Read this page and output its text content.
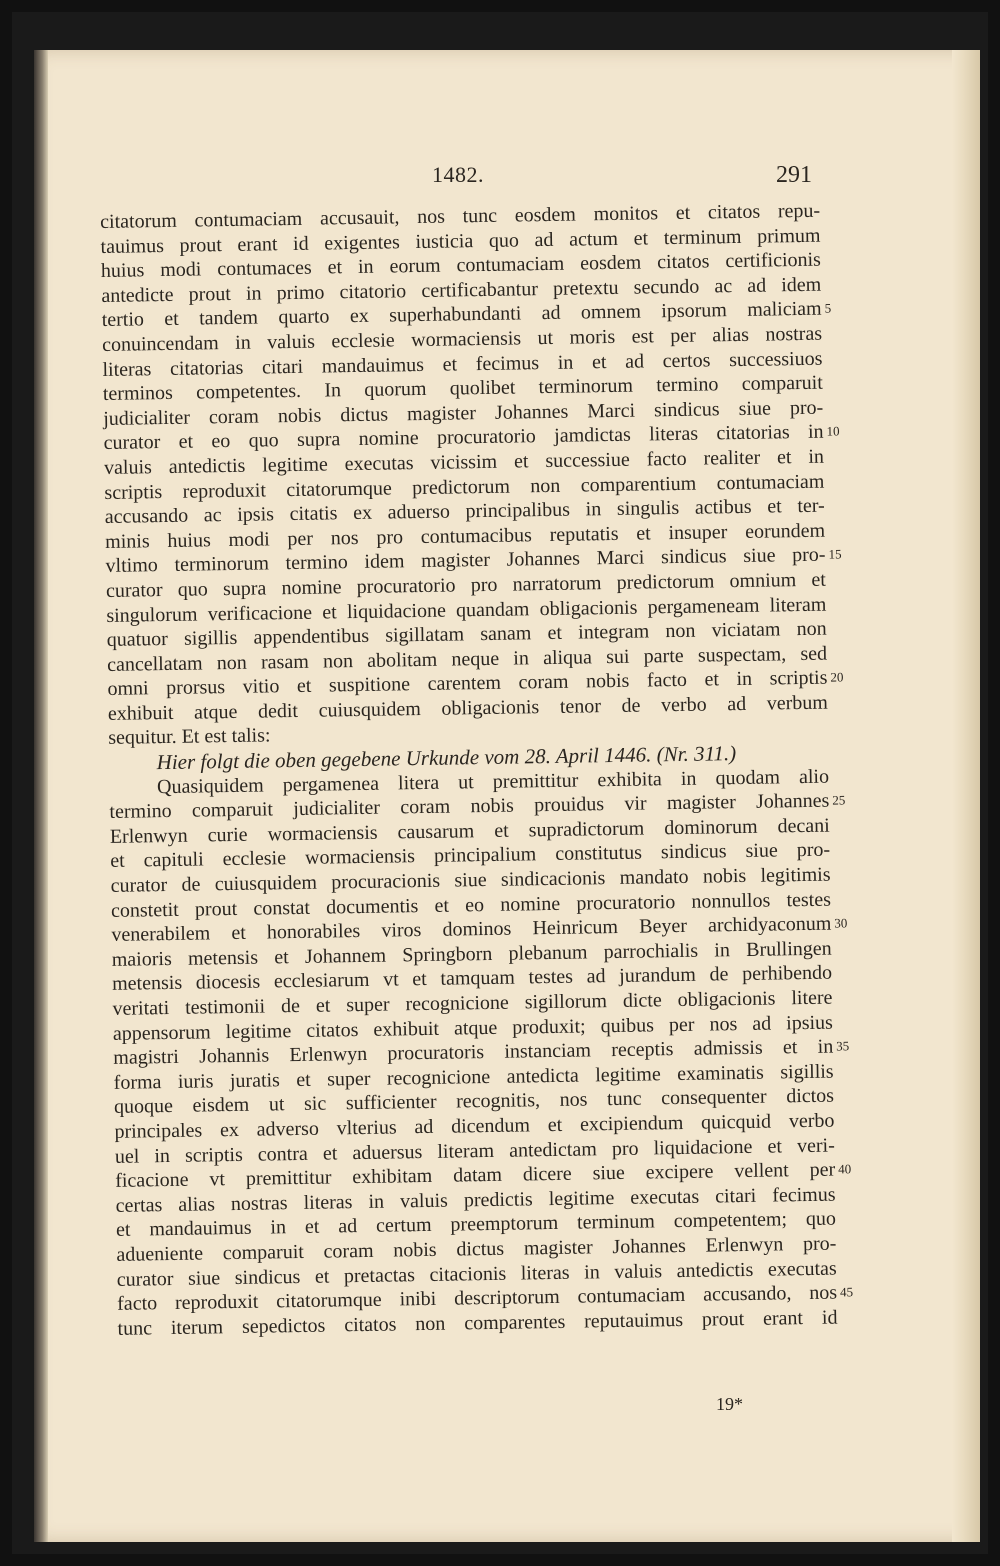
1482.	291
citatorum contumaciam accusauit, nos tunc eosdem monitos et citatos repu-
tauimus prout erant id exigentes iusticia quo ad actum et terminum primum
huius modi contumaces et in eorum contumaciam eosdem citatos certificionis
antedicte prout in primo citatorio certificabantur pretextu secundo ac ad idem
tertio et tandem quarto ex superhabundanti ad omnem ipsorum maliciam 5
conuincendam in valuis ecclesie wormaciensis ut moris est per alias nostras
literas citatorias citari mandauimus et fecimus in et ad certos successiuos
terminos competentes. In quorum quolibet terminorum termino comparuit
judicialiter coram nobis dictus magister Johannes Marci sindicus siue pro-
curator et eo quo supra nomine procuratorio jamdictas literas citatorias in 10
valuis antedictis legitime executas vicissim et successiue facto realiter et in
scriptis reproduxit citatorumque predictorum non comparentium contumaciam
accusando ac ipsis citatis ex aduerso principalibus in singulis actibus et ter-
minis huius modi per nos pro contumacibus reputatis et insuper eorundem
vltimo terminorum termino idem magister Johannes Marci sindicus siue pro- 15
curator quo supra nomine procuratorio pro narratorum predictorum omnium et
singulorum verificacione et liquidacione quandam obligacionis pergameneam literam
quatuor sigillis appendentibus sigillatam sanam et integram non viciatam non
cancellatam non rasam non abolitam neque in aliqua sui parte suspectam, sed
omni prorsus vitio et suspitione carentem coram nobis facto et in scriptis 20
exhibuit atque dedit cuiusquidem obligacionis tenor de verbo ad verbum
sequitur. Et est talis:
Hier folgt die oben gegebene Urkunde vom 28. April 1446. (Nr. 311.)
Quasiquidem pergamenea litera ut premittitur exhibita in quodam alio
termino comparuit judicialiter coram nobis prouidus vir magister Johannes 25
Erlenwyn curie wormaciensis causarum et supradictorum dominorum decani
et capituli ecclesie wormaciensis principalium constitutus sindicus siue pro-
curator de cuiusquidem procuracionis siue sindicacionis mandato nobis legitimis
constetit prout constat documentis et eo nomine procuratorio nonnullos testes
venerabilem et honorabiles viros dominos Heinricum Beyer archidyaconum 30
maioris metensis et Johannem Springborn plebanum parrochialis in Brullingen
metensis diocesis ecclesiarum vt et tamquam testes ad jurandum de perhibendo
veritati testimonii de et super recognicione sigillorum dicte obligacionis litere
appensorum legitime citatos exhibuit atque produxit; quibus per nos ad ipsius
magistri Johannis Erlenwyn procuratoris instanciam receptis admissis et in 35
forma iuris juratis et super recognicione antedicta legitime examinatis sigillis
quoque eisdem ut sic sufficienter recognitis, nos tunc consequenter dictos
principales ex adverso vlterius ad dicendum et excipiendum quicquid verbo
uel in scriptis contra et aduersus literam antedictam pro liquidacione et veri-
ficacione vt premittitur exhibitam datam dicere siue excipere vellent per 40
certas alias nostras literas in valuis predictis legitime executas citari fecimus
et mandauimus in et ad certum preemptorum terminum competentem; quo
adueniente comparuit coram nobis dictus magister Johannes Erlenwyn pro-
curator siue sindicus et pretactas citacionis literas in valuis antedictis executas
facto reproduxit citatorumque inibi descriptorum contumaciam accusando, nos 45
tunc iterum sepedictos citatos non comparentes reputauimus prout erant id
19*
